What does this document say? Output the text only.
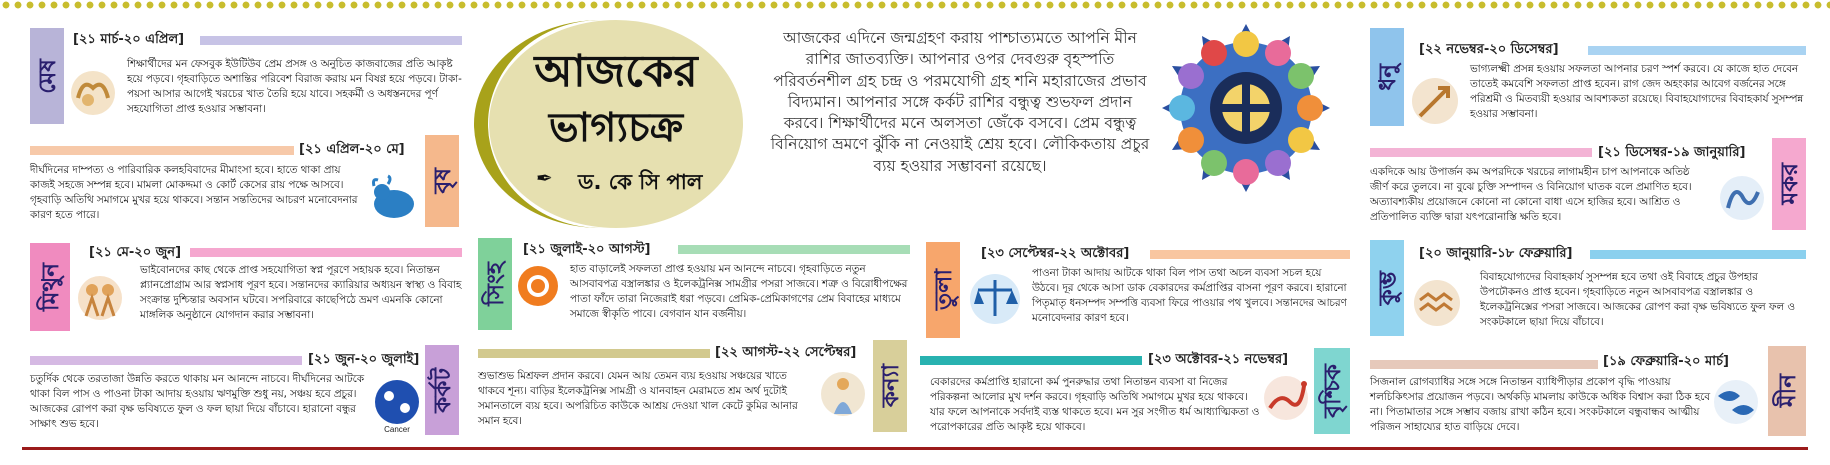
আজকের
ভাগ্যচক্র
✒ ড. কে সি পাল
আজকের এদিনে জন্মগ্রহণ করায় পাশ্চাত্যমতে আপনি মীন রাশির জাতব্যক্তি। আপনার ওপর দেবগুরু বৃহস্পতি পরিবর্তনশীল গ্রহ চন্দ্র ও পরমযোগী গ্রহ শনি মহারাজের প্রভাব বিদ্যমান। আপনার সঙ্গে কর্কট রাশির বন্ধুত্ব শুভফল প্রদান করবে। শিক্ষার্থীদের মনে অলসতা জেঁকে বসবে। প্রেম বন্ধুত্ব বিনিয়োগ ভ্রমণে ঝুঁকি না নেওয়াই শ্রেয় হবে। লৌকিকতায় প্রচুর ব্যয় হওয়ার সম্ভাবনা রয়েছে।
মেষ
[২১ মার্চ-২০ এপ্রিল]
শিক্ষার্থীদের মন ফেসবুক ইউটিউব প্রেম প্রসঙ্গ ও অনুচিত কাজবাজের প্রতি আকৃষ্ট হয়ে পড়বে। গৃহবাড়িতে অশান্তির পরিবেশ বিরাজ করায় মন বিষণ্ণ হয়ে পড়বে। টাকা-পয়সা আসার আগেই খরচের খাত তৈরি হয়ে যাবে। সহকর্মী ও অধস্তনদের পূর্ণ সহযোগিতা প্রাপ্ত হওয়ার সম্ভাবনা।
[২১ এপ্রিল-২০ মে]
বৃষ
দীর্ঘদিনের দাম্পত্য ও পারিবারিক কলহবিবাদের মীমাংসা হবে। হাতে থাকা প্রায় কাজই সহজে সম্পন্ন হবে। মামলা মোকদ্দমা ও কোর্ট কেসের রায় পক্ষে আসবে। গৃহবাড়ি অতিথি সমাগমে মুখর হয়ে থাকবে। সন্তান সন্ততিদের আচরণ মনোবেদনার কারণ হতে পারে।
মিথুন
[২১ মে-২০ জুন]
ভাইবোনদের কাছ থেকে প্রাপ্ত সহযোগিতা স্বপ্ন পূরণে সহায়ক হবে। নিতান্তন প্ল্যানপ্রোগ্রাম আর স্বপ্নসাধ পূরণ হবে। সন্তানদের ক্যারিয়ার অধ্যয়ন স্বাস্থ্য ও বিবাহ সংক্রান্ত দুশ্চিন্তার অবসান ঘটবে। সপরিবারে কাছেপিঠে ভ্রমণ এমনকি কোনো মাঙ্গলিক অনুষ্ঠানে যোগদান করার সম্ভাবনা।
[২১ জুন-২০ জুলাই]
কর্কট
Cancer
চতুর্দিক থেকে তরতাজা উন্নতি করতে থাকায় মন আনন্দে নাচবে। দীর্ঘদিনের আটকে থাকা বিল পাস ও পাওনা টাকা আদায় হওয়ায় ঋণমুক্তি শুধু নয়, সঞ্চয় হবে প্রচুর। আজকের রোপণ করা বৃক্ষ ভবিষ্যতে ফুল ও ফল ছায়া দিয়ে বাঁচাবে। হারানো বন্ধুর সাক্ষাৎ শুভ হবে।
সিংহ
[২১ জুলাই-২০ আগস্ট]
হাত বাড়ালেই সফলতা প্রাপ্ত হওয়ায় মন আনন্দে নাচবে। গৃহবাড়িতে নতুন আসবাবপত্র বস্ত্রালঙ্কার ও ইলেকট্রনিক্স সামগ্রীর পসরা সাজবে। শত্রু ও বিরোধীপক্ষের পাতা ফাঁদে তারা নিজেরাই ধরা পড়বে। প্রেমিক-প্রেমিকাগণের প্রেম বিবাহের মাধ্যমে সমাজে স্বীকৃতি পাবে। বেগবান যান বর্জনীয়।
[২২ আগস্ট-২২ সেপ্টেম্বর]
কন্যা
শুভাশুভ মিশ্রফল প্রদান করবে। যেমন আয় তেমন ব্যয় হওয়ায় সঞ্চয়ের খাতে থাকবে শূন্য। বাড়ির ইলেকট্রনিক্স সামগ্রী ও যানবাহন মেরামতে শ্রম অর্থ দুটোই সমানতালে ব্যয় হবে। অপরিচিত কাউকে আশ্রয় দেওয়া খাল কেটে কুমির আনার সমান হবে।
তুলা
[২৩ সেপ্টেম্বর-২২ অক্টোবর]
পাওনা টাকা আদায় আটকে থাকা বিল পাস তথা অচল ব্যবসা সচল হয়ে উঠবে। দূর থেকে আসা ডাক বেকারদের কর্মপ্রাপ্তির বাসনা পূরণ করবে। হারানো পিতৃমাতৃ ধনসম্পদ সম্পত্তি ব্যবসা ফিরে পাওয়ার পথ খুলবে। সন্তানদের আচরণ মনোবেদনার কারণ হবে।
[২৩ অক্টোবর-২১ নভেম্বর]
বৃশ্চিক
বেকারদের কর্মপ্রাপ্তি হারানো কর্ম পুনরুদ্ধার তথা নিতান্তন ব্যবসা বা নিজের পরিকল্পনা আলোর মুখ দর্শন করবে। গৃহবাড়ি অতিথি সমাগমে মুখর হয়ে থাকবে। যার ফলে আপনাকে সর্বদাই ব্যস্ত থাকতে হবে। মন সুর সংগীত ধর্ম আধ্যাত্মিকতা ও পরোপকারের প্রতি আকৃষ্ট হয়ে থাকবে।
ধনু
[২২ নভেম্বর-২০ ডিসেম্বর]
ভাগ্যলক্ষ্মী প্রসন্ন হওয়ায় সফলতা আপনার চরণ স্পর্শ করবে। যে কাজে হাত দেবেন তাতেই কমবেশি সফলতা প্রাপ্ত হবেন। রাগ জেদ অহংকার আবেগ বর্জনের সঙ্গে পরিশ্রমী ও মিতব্যয়ী হওয়ার আবশ্যকতা রয়েছে। বিবাহযোগ্যদের বিবাহকার্য সুসম্পন্ন হওয়ার সম্ভাবনা।
[২১ ডিসেম্বর-১৯ জানুয়ারি]
মকর
একদিকে আয় উপার্জন কম অপরদিকে খরচের লাগামহীন চাপ আপনাকে অতিষ্ঠ জীর্ণ করে তুলবে। না বুঝে চুক্তি সম্পাদন ও বিনিয়োগ ঘাতক বলে প্রমাণিত হবে। অত্যাবশ্যকীয় প্রয়োজনে কোনো না কোনো বাধা এসে হাজির হবে। আশ্রিত ও প্রতিপালিত ব্যক্তি দ্বারা যৎপরোনাস্তি ক্ষতি হবে।
কুম্ভ
[২০ জানুয়ারি-১৮ ফেব্রুয়ারি]
বিবাহযোগ্যদের বিবাহকার্য সুসম্পন্ন হবে তথা ওই বিবাহে প্রচুর উপহার উপঢৌকনও প্রাপ্ত হবেন। গৃহবাড়িতে নতুন আসবাবপত্র বস্ত্রালঙ্কার ও ইলেকট্রনিক্সের পসরা সাজবে। আজকের রোপণ করা বৃক্ষ ভবিষ্যতে ফুল ফল ও সংকটকালে ছায়া দিয়ে বাঁচাবে।
[১৯ ফেব্রুয়ারি-২০ মার্চ]
মীন
সিজনাল রোগব্যাধির সঙ্গে সঙ্গে নিতান্তন ব্যাধিপীড়ার প্রকোপ বৃদ্ধি পাওয়ায় শলচিকিৎসার প্রয়োজন পড়বে। অর্থকড়ি মামলায় কাউকে অধিক বিশ্বাস করা ঠিক হবে না। পিতামাতার সঙ্গে সম্ভাব বজায় রাখা কঠিন হবে। সংকটকালে বন্ধুবান্ধব আত্মীয় পরিজন সাহায্যের হাত বাড়িয়ে দেবে।
